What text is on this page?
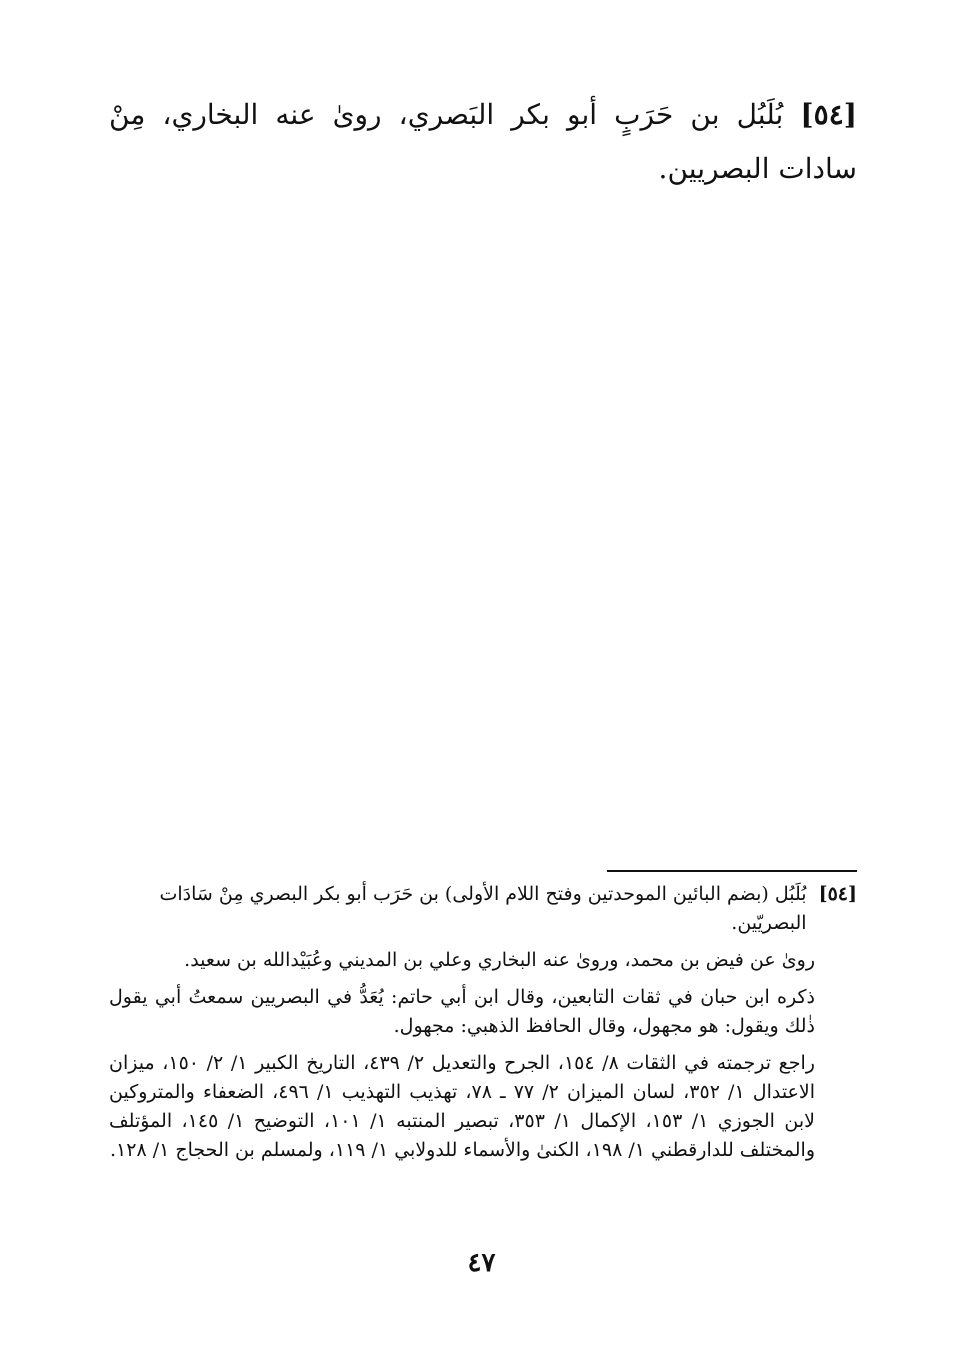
[٥٤] بُلَبُل بن حَرَبٍ أبو بكر البَصري، روىٰ عنه البخاري، مِنْ سادات البصريين.
[٥٤]
بُلَبُل (بضم البائين الموحدتين وفتح اللام الأولى) بن حَرَب أبو بكر البصري مِنْ سَادَات البصريّين.
روىٰ عن فيض بن محمد، وروىٰ عنه البخاري وعلي بن المديني وعُبَيْدالله بن سعيد.
ذكره ابن حبان في ثقات التابعين، وقال ابن أبي حاتم: يُعَدُّ في البصريين سمعتُ أبي يقول ذٰلك ويقول: هو مجهول، وقال الحافظ الذهبي: مجهول.
راجع ترجمته في الثقات ٨/ ١٥٤، الجرح والتعديل ٢/ ٤٣٩، التاريخ الكبير ١/ ٢/ ١٥٠، ميزان الاعتدال ١/ ٣٥٢، لسان الميزان ٢/ ٧٧ ـ ٧٨، تهذيب التهذيب ١/ ٤٩٦، الضعفاء والمتروكين لابن الجوزي ١/ ١٥٣، الإكمال ١/ ٣٥٣، تبصير المنتبه ١/ ١٠١، التوضيح ١/ ١٤٥، المؤتلف والمختلف للدارقطني ١/ ١٩٨، الكنىٰ والأسماء للدولابي ١/ ١١٩، ولمسلم بن الحجاج ١/ ١٢٨.
٤٧
